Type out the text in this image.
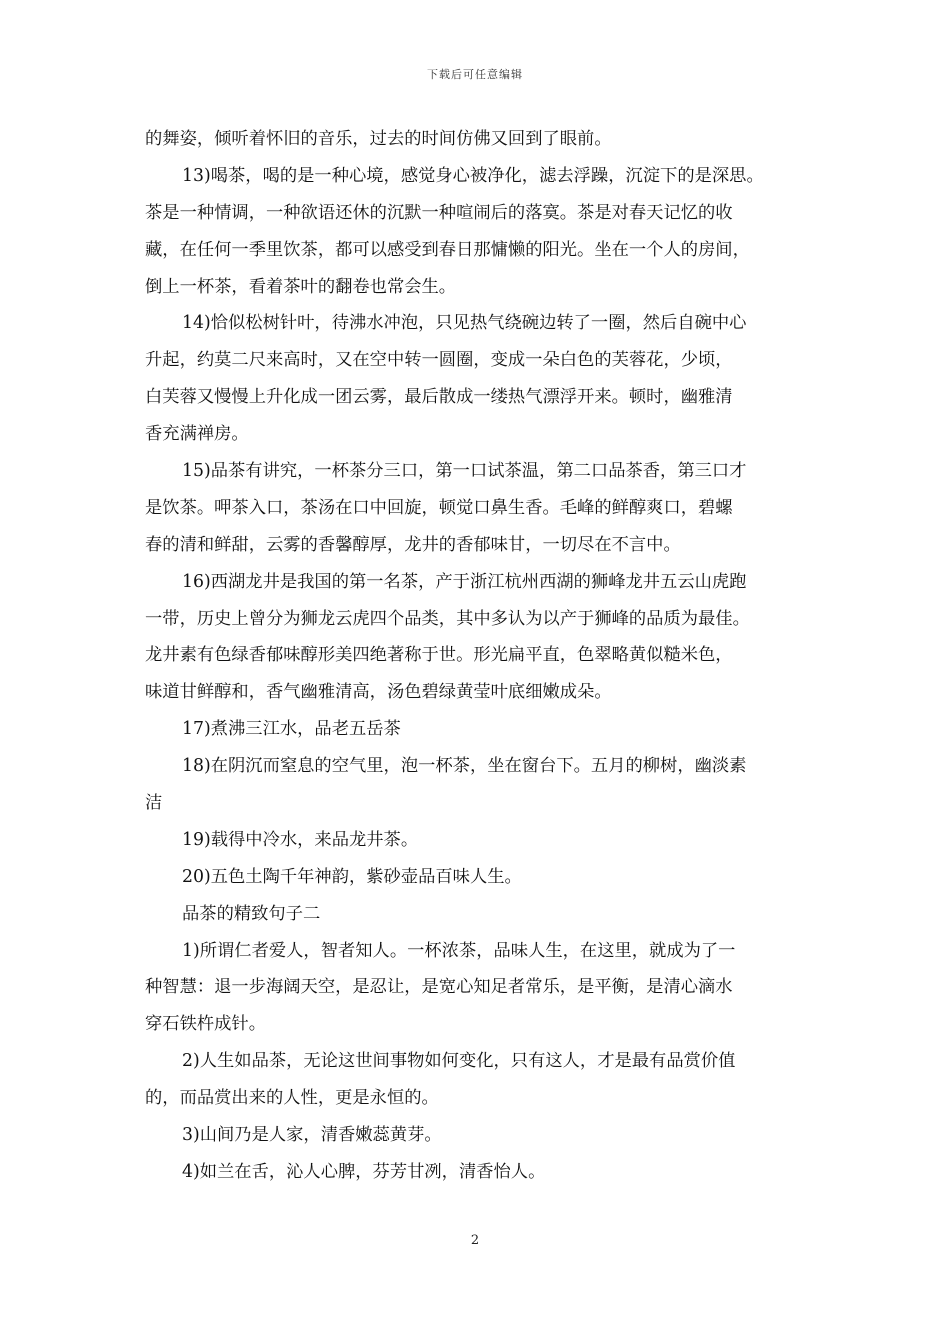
下载后可任意编辑
的舞姿，倾听着怀旧的音乐，过去的时间仿佛又回到了眼前。
13)喝茶，喝的是一种心境，感觉身心被净化，滤去浮躁，沉淀下的是深思。
茶是一种情调，一种欲语还休的沉默一种喧闹后的落寞。茶是对春天记忆的收
藏，在任何一季里饮茶，都可以感受到春日那慵懒的阳光。坐在一个人的房间，
倒上一杯茶，看着茶叶的翻卷也常会生。
14)恰似松树针叶，待沸水冲泡，只见热气绕碗边转了一圈，然后自碗中心
升起，约莫二尺来高时，又在空中转一圆圈，变成一朵白色的芙蓉花，少顷，
白芙蓉又慢慢上升化成一团云雾，最后散成一缕热气漂浮开来。顿时，幽雅清
香充满禅房。
15)品茶有讲究，一杯茶分三口，第一口试茶温，第二口品茶香，第三口才
是饮茶。呷茶入口，茶汤在口中回旋，顿觉口鼻生香。毛峰的鲜醇爽口，碧螺
春的清和鲜甜，云雾的香馨醇厚，龙井的香郁味甘，一切尽在不言中。
16)西湖龙井是我国的第一名茶，产于浙江杭州西湖的狮峰龙井五云山虎跑
一带，历史上曾分为狮龙云虎四个品类，其中多认为以产于狮峰的品质为最佳。
龙井素有色绿香郁味醇形美四绝著称于世。形光扁平直，色翠略黄似糙米色，
味道甘鲜醇和，香气幽雅清高，汤色碧绿黄莹叶底细嫩成朵。
17)煮沸三江水，品老五岳茶
18)在阴沉而窒息的空气里，泡一杯茶，坐在窗台下。五月的柳树，幽淡素
洁
19)载得中冷水，来品龙井茶。
20)五色土陶千年神韵，紫砂壶品百味人生。
品茶的精致句子二
1)所谓仁者爱人，智者知人。一杯浓茶，品味人生，在这里，就成为了一
种智慧：退一步海阔天空，是忍让，是宽心知足者常乐，是平衡，是清心滴水
穿石铁杵成针。
2)人生如品茶，无论这世间事物如何变化，只有这人，才是最有品赏价值
的，而品赏出来的人性，更是永恒的。
3)山间乃是人家，清香嫩蕊黄芽。
4)如兰在舌，沁人心脾，芬芳甘冽，清香怡人。
2
